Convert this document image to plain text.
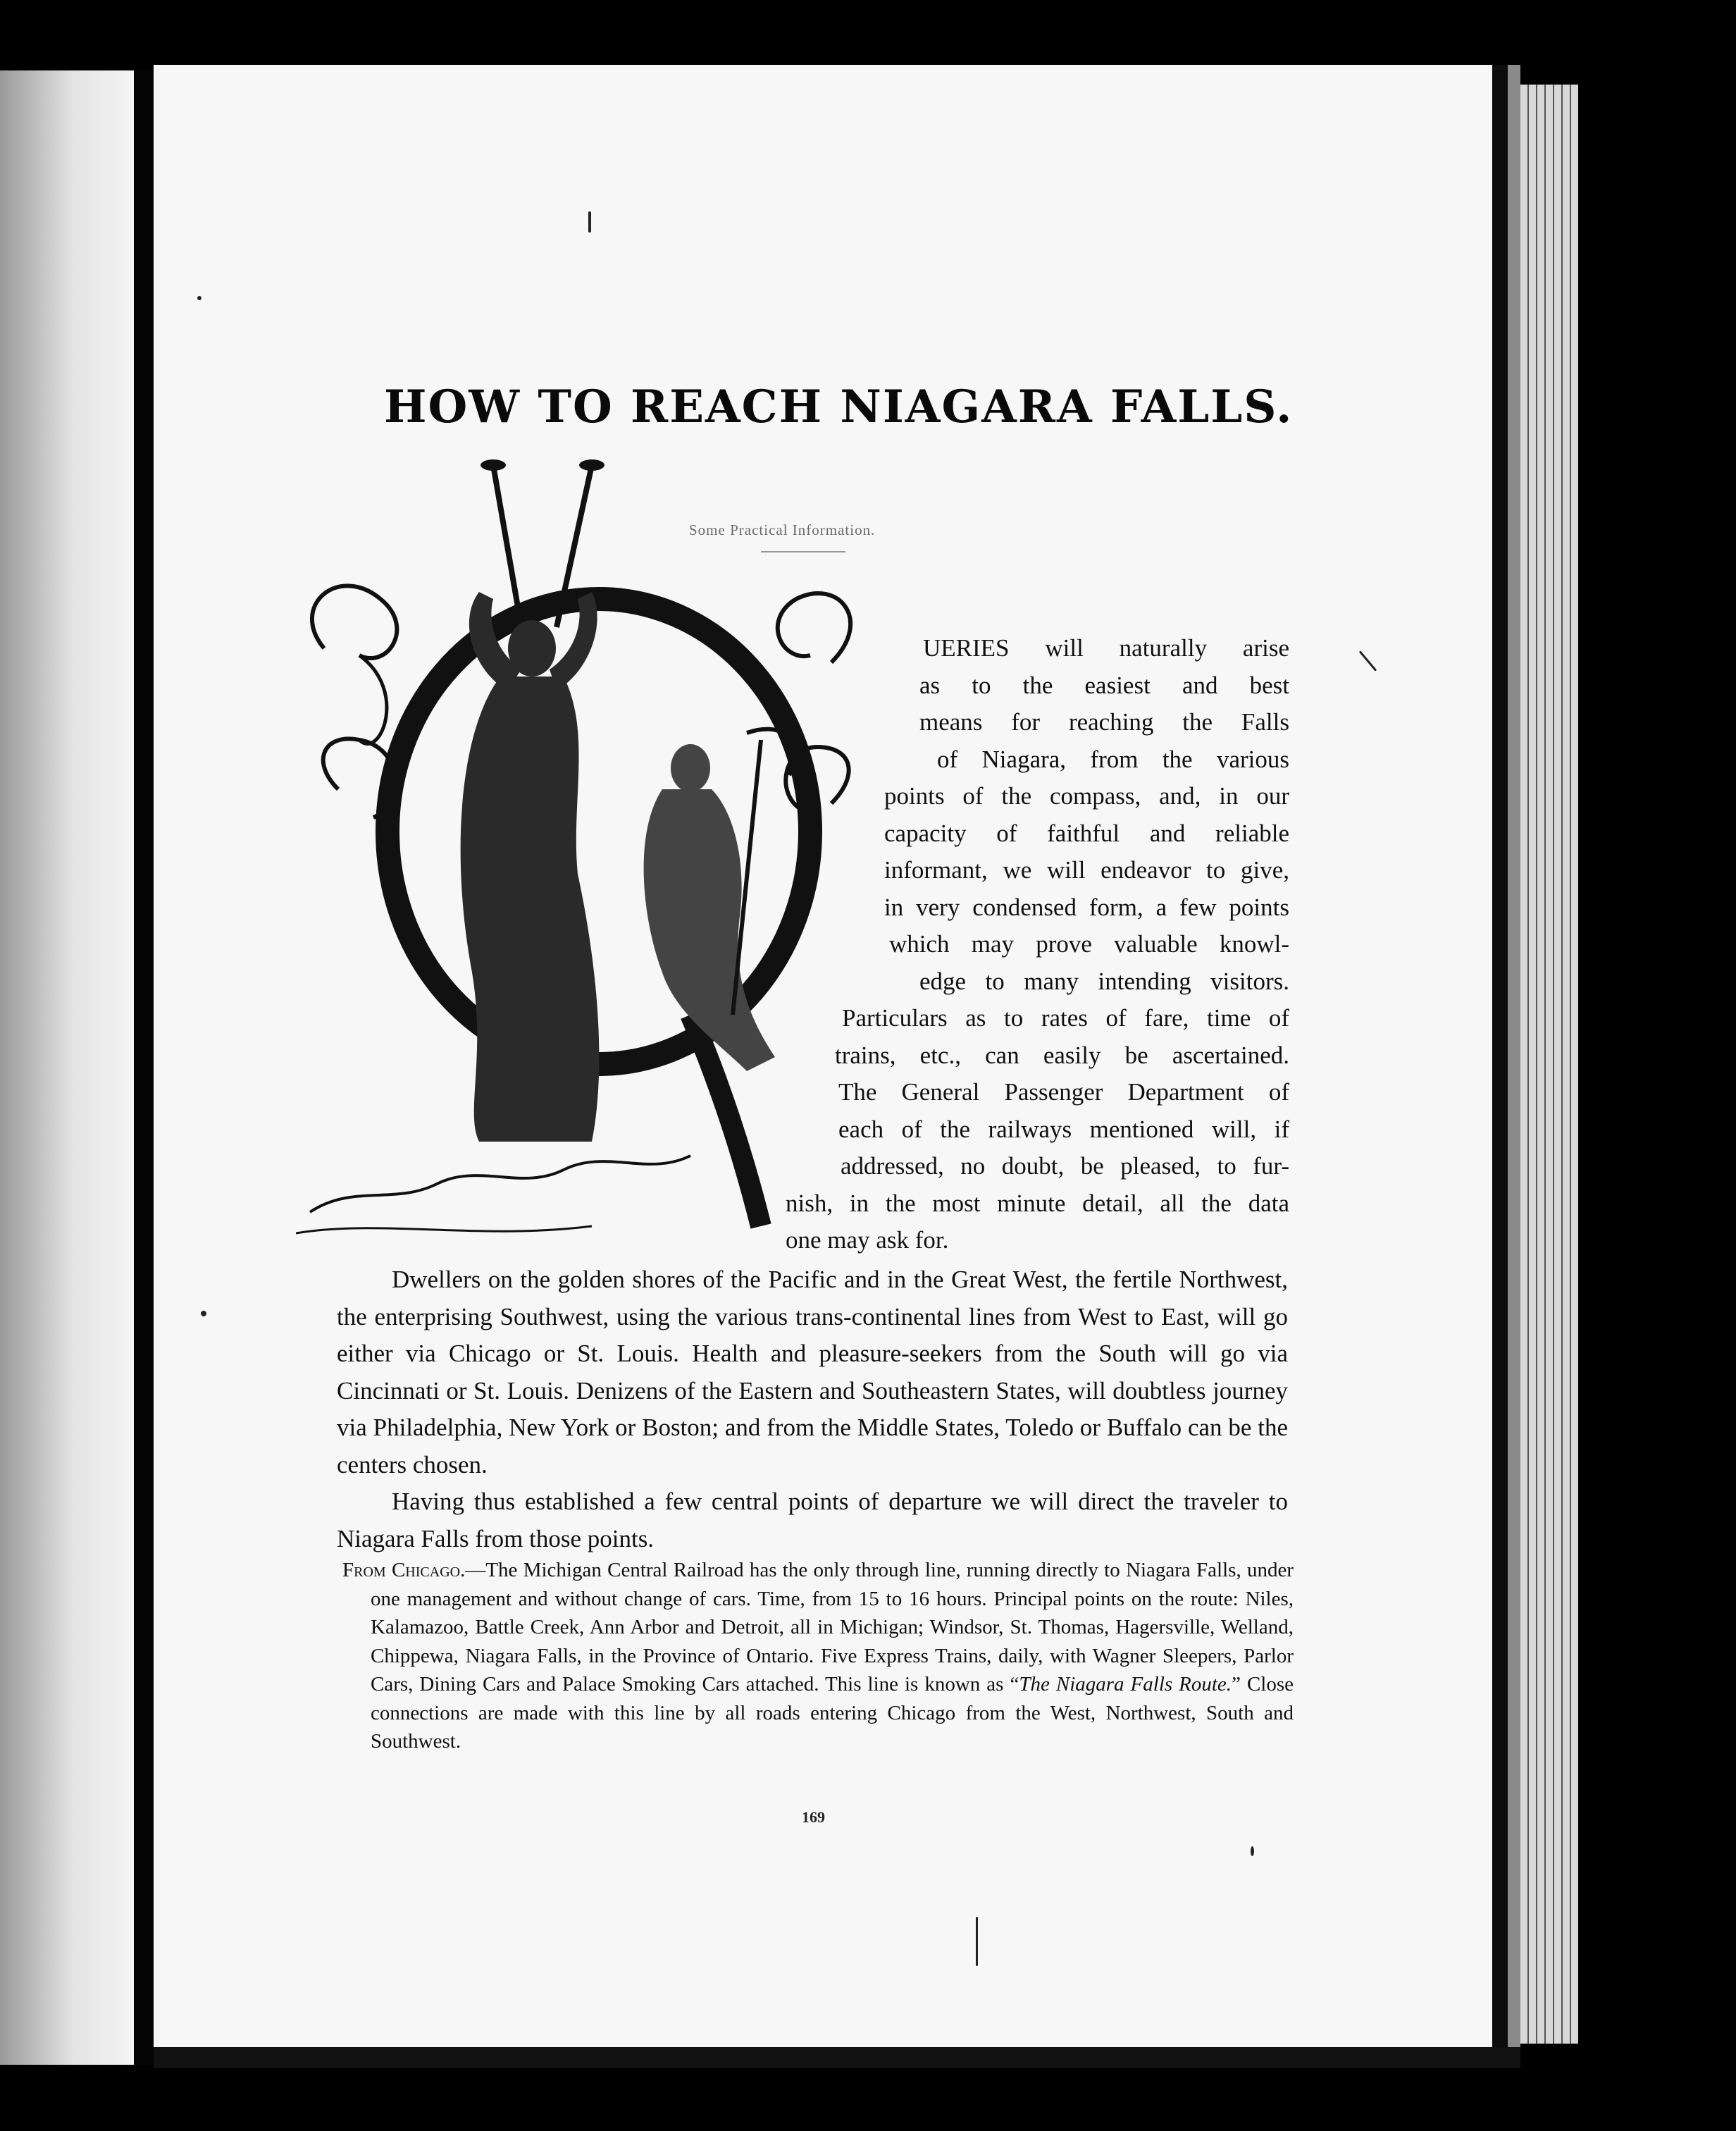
HOW TO REACH NIAGARA FALLS.
Some Practical Information.
UERIES will naturally arise
as to the easiest and best
means for reaching the Falls
of Niagara, from the various
points of the compass, and, in our
capacity of faithful and reliable
informant, we will endeavor to give,
in very condensed form, a few points
which may prove valuable knowl-
edge to many intending visitors.
Particulars as to rates of fare, time of
trains, etc., can easily be ascertained.
The General Passenger Department of
each of the railways mentioned will, if
addressed, no doubt, be pleased, to fur-
nish, in the most minute detail, all the data
one may ask for.

Dwellers on the golden shores of the Pacific and in the Great West, the fertile Northwest, the enterprising Southwest, using the various trans-continental lines from West to East, will go either via Chicago or St. Louis. Health and pleasure-seekers from the South will go via Cincinnati or St. Louis. Denizens of the Eastern and Southeastern States, will doubtless journey via Philadelphia, New York or Boston; and from the Middle States, Toledo or Buffalo can be the centers chosen.

Having thus established a few central points of departure we will direct the traveler to Niagara Falls from those points.

From Chicago.—The Michigan Central Railroad has the only through line, running directly to Niagara Falls, under one management and without change of cars. Time, from 15 to 16 hours. Principal points on the route: Niles, Kalamazoo, Battle Creek, Ann Arbor and Detroit, all in Michigan; Windsor, St. Thomas, Hagersville, Welland, Chippewa, Niagara Falls, in the Province of Ontario. Five Express Trains, daily, with Wagner Sleepers, Parlor Cars, Dining Cars and Palace Smoking Cars attached. This line is known as “The Niagara Falls Route.” Close connections are made with this line by all roads entering Chicago from the West, Northwest, South and Southwest.
169
